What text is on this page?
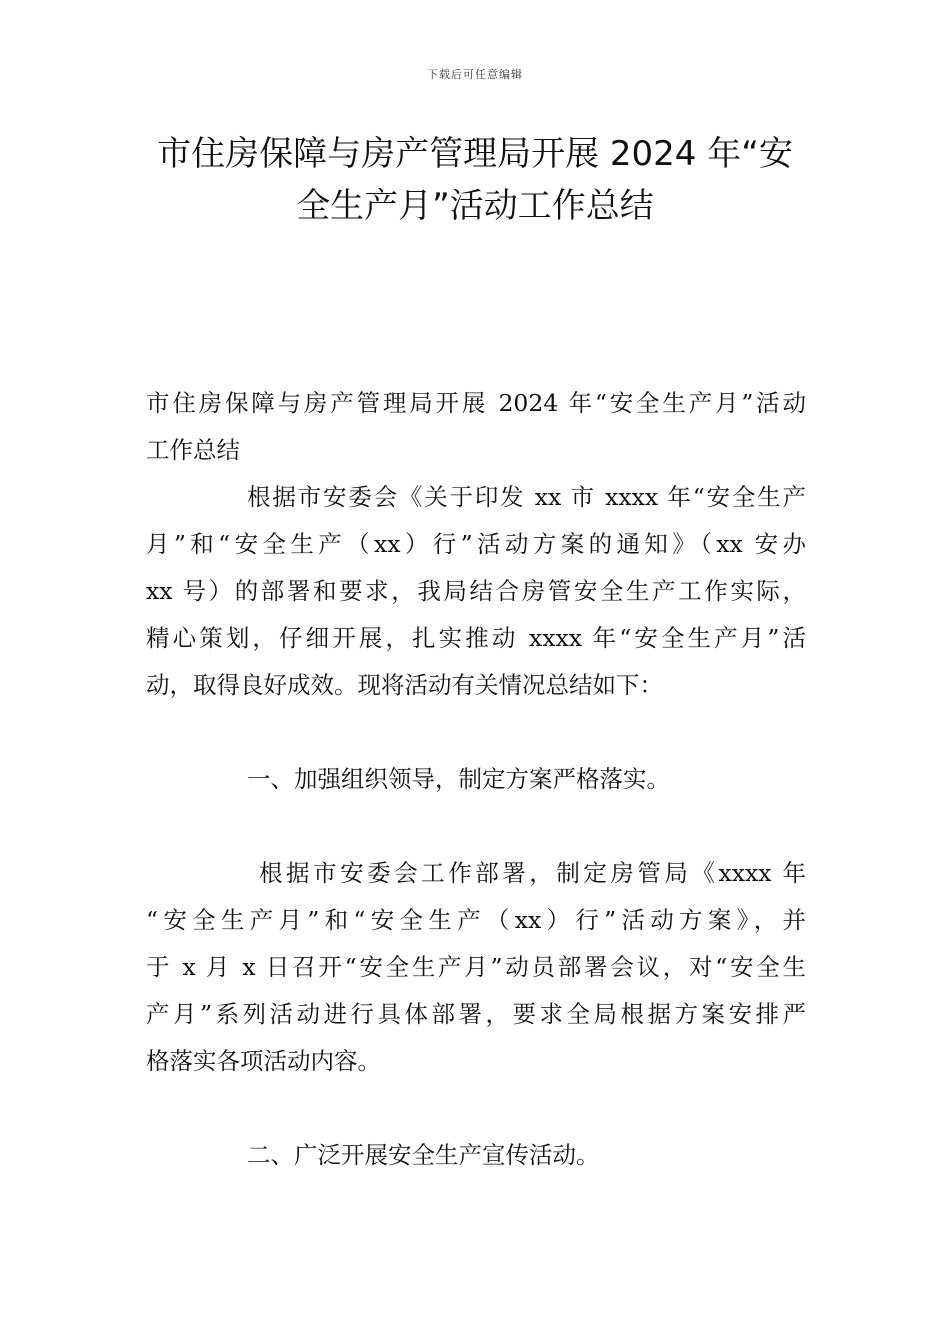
下载后可任意编辑
市住房保障与房产管理局开展 2024 年“安
全生产月”活动工作总结
市住房保障与房产管理局开展 2024 年“安全生产月”活动
工作总结
根据市安委会《关于印发 xx 市 xxxx 年“安全生产
月”和“安全生产（xx）行”活动方案的通知》（xx 安办
xx 号）的部署和要求，我局结合房管安全生产工作实际，
精心策划，仔细开展，扎实推动 xxxx 年“安全生产月”活
动，取得良好成效。现将活动有关情况总结如下：
一、加强组织领导，制定方案严格落实。
根据市安委会工作部署，制定房管局《xxxx 年
“安全生产月”和“安全生产（xx）行”活动方案》，并
于 x 月 x 日召开“安全生产月”动员部署会议，对“安全生
产月”系列活动进行具体部署，要求全局根据方案安排严
格落实各项活动内容。
二、广泛开展安全生产宣传活动。
